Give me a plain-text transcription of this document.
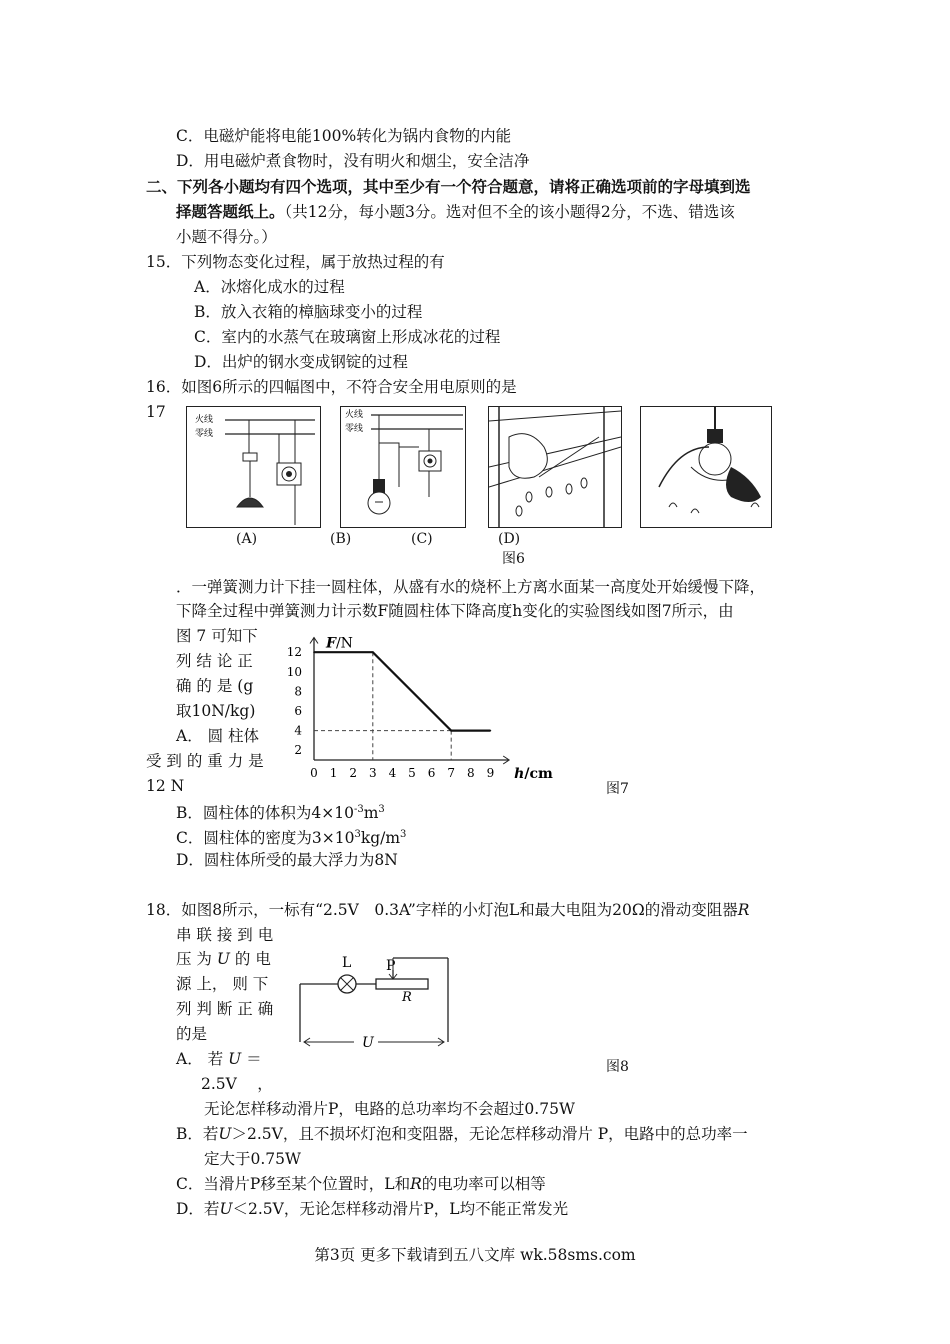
C．电磁炉能将电能100%转化为锅内食物的内能
D．用电磁炉煮食物时，没有明火和烟尘，安全洁净
二、下列各小题均有四个选项，其中至少有一个符合题意，请将正确选项前的字母填到选
择题答题纸上。（共12分，每小题3分。选对但不全的该小题得2分，不选、错选该
小题不得分。）
15．下列物态变化过程，属于放热过程的有
A．冰熔化成水的过程
B．放入衣箱的樟脑球变小的过程
C．室内的水蒸气在玻璃窗上形成冰花的过程
D．出炉的钢水变成钢锭的过程
16．如图6所示的四幅图中，不符合安全用电原则的是
17	火线
零线
火线
零线
(A)	(B)	(C)	(D)
图6
．一弹簧测力计下挂一圆柱体，从盛有水的烧杯上方离水面某一高度处开始缓慢下降，
下降全过程中弹簧测力计示数F随圆柱体下降高度h变化的实验图线如图7所示，由
图 7 可知下
列 结 论 正
确 的 是 (g
取10N/kg)
A． 圆 柱体
受 到 的 重 力 是
12 N
0 1 2 3 4 5 6 7 8 9
2
4
6
8
10
12
F/N
h/cm
图7
B．圆柱体的体积为$4\times 10^{-3}m^3$
C．圆柱体的密度为$3\times 10^3kg/m^3$
D．圆柱体所受的最大浮力为8N
18．如图8所示，一标有“2.5V　0.3A”字样的小灯泡L和最大电阻为20Ω的滑动变阻器R
串 联 接 到 电
压 为 U 的 电
源 上， 则 下
列 判 断 正 确
的是
A． 若 U ＝
2.5V　 ，
无论怎样移动滑片P，电路的总功率均不会超过0.75W
B．若U＞2.5V，且不损坏灯泡和变阻器，无论怎样移动滑片 P，电路中的总功率一
定大于0.75W
C．当滑片P移至某个位置时，L和R的电功率可以相等
D．若U＜2.5V，无论怎样移动滑片P，L均不能正常发光
L P
R
U
图8
第3页 更多下载请到五八文库 wk.58sms.com
